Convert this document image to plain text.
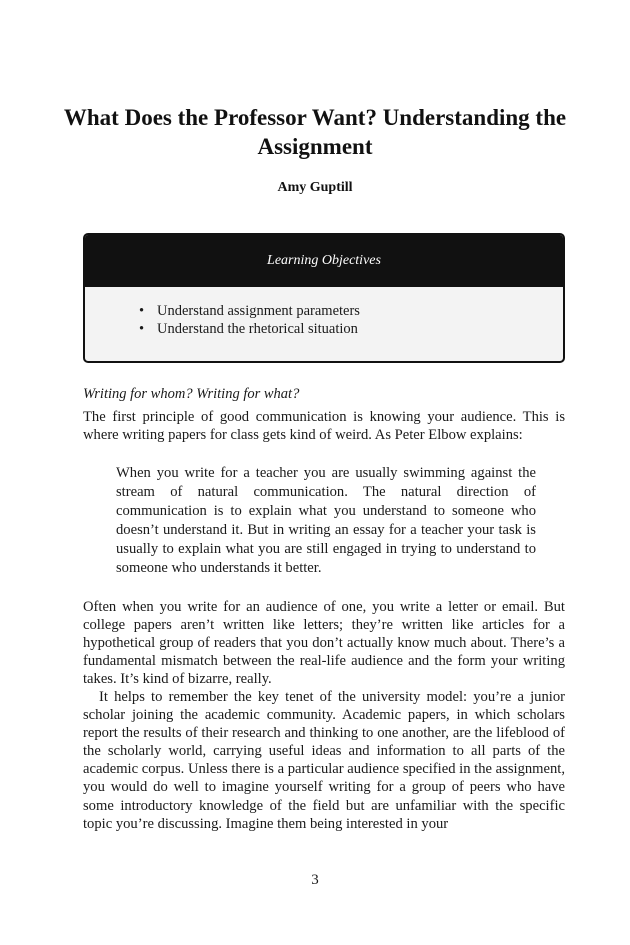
What Does the Professor Want? Understanding the Assignment
Amy Guptill
Learning Objectives
• Understand assignment parameters
• Understand the rhetorical situation
Writing for whom? Writing for what?

The first principle of good communication is knowing your audience. This is where writing papers for class gets kind of weird. As Peter Elbow explains:

When you write for a teacher you are usually swimming against the stream of natural communication. The natural direction of communication is to explain what you understand to someone who doesn’t understand it. But in writing an essay for a teacher your task is usually to explain what you are still engaged in trying to understand to someone who understands it better.

Often when you write for an audience of one, you write a letter or email. But college papers aren’t written like letters; they’re written like articles for a hypothetical group of readers that you don’t actually know much about. There’s a fundamental mismatch between the real-life audience and the form your writing takes. It’s kind of bizarre, really.

It helps to remember the key tenet of the university model: you’re a junior scholar joining the academic community. Academic papers, in which scholars report the results of their research and thinking to one another, are the lifeblood of the scholarly world, carrying useful ideas and information to all parts of the academic corpus. Unless there is a particular audience specified in the assignment, you would do well to imagine yourself writing for a group of peers who have some introductory knowledge of the field but are unfamiliar with the specific topic you’re discussing. Imagine them being interested in your

3
